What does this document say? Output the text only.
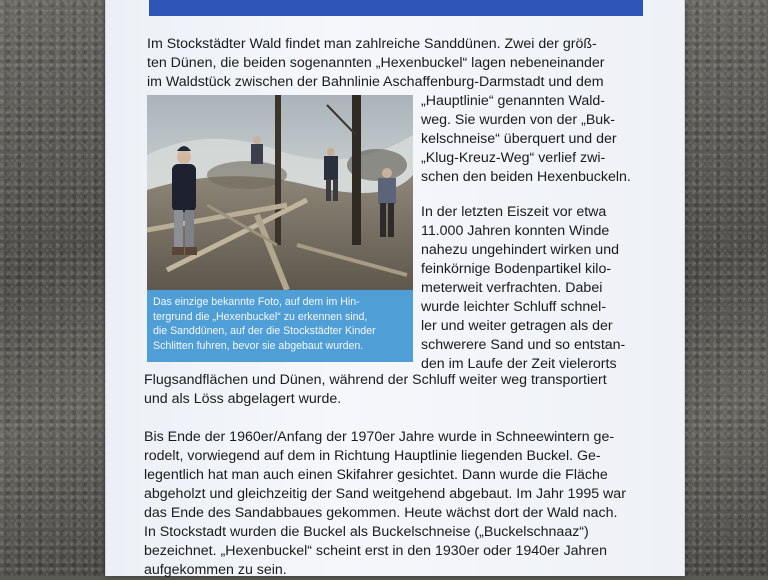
Im Stockstädter Wald findet man zahlreiche Sanddünen. Zwei der größ-
ten Dünen, die beiden sogenannten „Hexenbuckel“ lagen nebeneinander
im Waldstück zwischen der Bahnlinie Aschaffenburg-Darmstadt und dem

Das einzige bekannte Foto, auf dem im Hin-
tergrund die „Hexenbuckel“ zu erkennen sind,
die Sanddünen, auf der die Stockstädter Kinder
Schlitten fuhren, bevor sie abgebaut wurden.

„Hauptlinie“ genannten Wald-
weg. Sie wurden von der „Buk-
kelschneise“ überquert und der
„Klug-Kreuz-Weg“ verlief zwi-
schen den beiden Hexenbuckeln.

In der letzten Eiszeit vor etwa
11.000 Jahren konnten Winde
nahezu ungehindert wirken und
feinkörnige Bodenpartikel kilo-
meterweit verfrachten. Dabei
wurde leichter Schluff schnel-
ler und weiter getragen als der
schwerere Sand und so entstan-
den im Laufe der Zeit vielerorts

Flugsandflächen und Dünen, während der Schluff weiter weg transportiert
und als Löss abgelagert wurde.

Bis Ende der 1960er/Anfang der 1970er Jahre wurde in Schneewintern ge-
rodelt, vorwiegend auf dem in Richtung Hauptlinie liegenden Buckel. Ge-
legentlich hat man auch einen Skifahrer gesichtet. Dann wurde die Fläche
abgeholzt und gleichzeitig der Sand weitgehend abgebaut. Im Jahr 1995 war
das Ende des Sandabbaues gekommen. Heute wächst dort der Wald nach.
In Stockstadt wurden die Buckel als Buckelschneise („Buckelschnaaz“)
bezeichnet. „Hexenbuckel“ scheint erst in den 1930er oder 1940er Jahren
aufgekommen zu sein.
